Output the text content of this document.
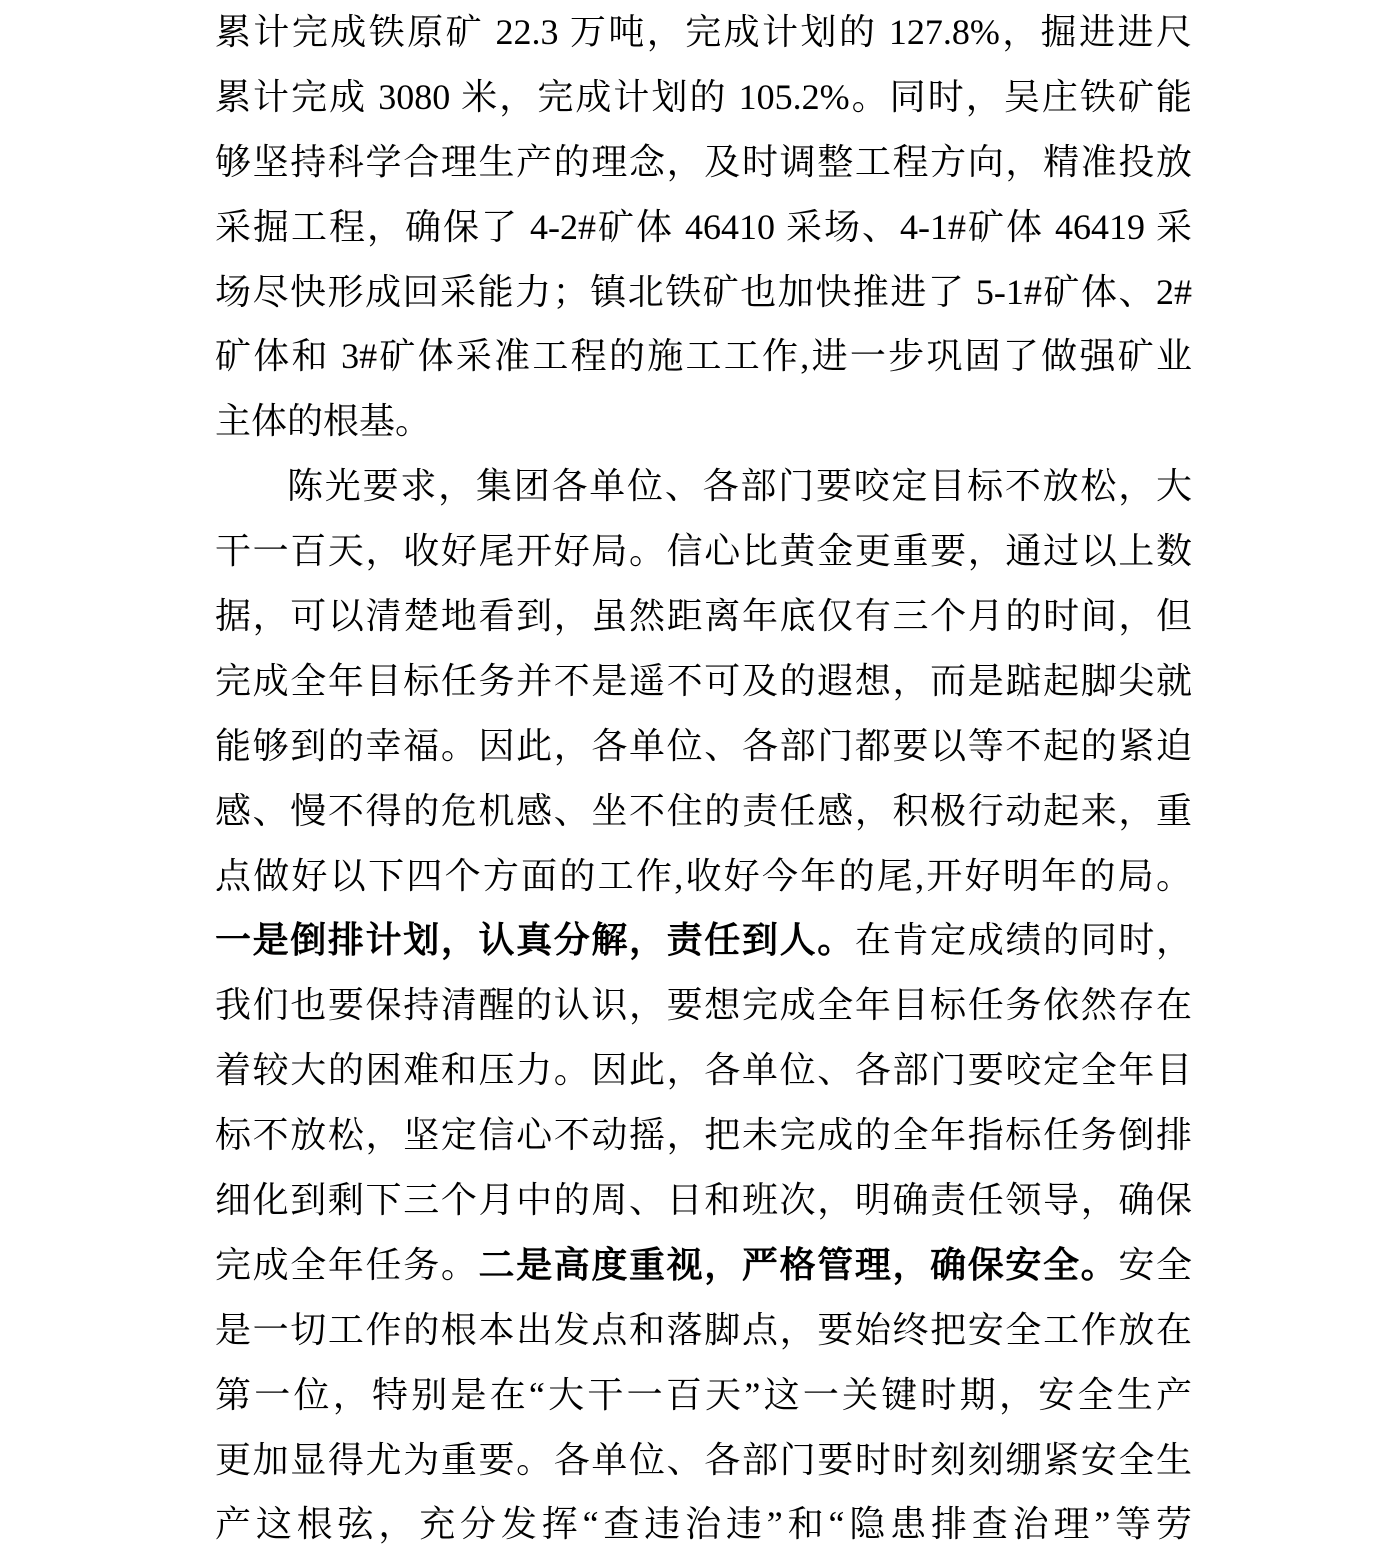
累计完成铁原矿 22.3 万吨，完成计划的 127.8%，掘进进尺
累计完成 3080 米，完成计划的 105.2%。同时，吴庄铁矿能
够坚持科学合理生产的理念，及时调整工程方向，精准投放
采掘工程，确保了 4-2#矿体 46410 采场、4-1#矿体 46419 采
场尽快形成回采能力；镇北铁矿也加快推进了 5-1#矿体、2#
矿体和 3#矿体采准工程的施工工作,进一步巩固了做强矿业
主体的根基。
陈光要求，集团各单位、各部门要咬定目标不放松，大
干一百天，收好尾开好局。信心比黄金更重要，通过以上数
据，可以清楚地看到，虽然距离年底仅有三个月的时间，但
完成全年目标任务并不是遥不可及的遐想，而是踮起脚尖就
能够到的幸福。因此，各单位、各部门都要以等不起的紧迫
感、慢不得的危机感、坐不住的责任感，积极行动起来，重
点做好以下四个方面的工作,收好今年的尾,开好明年的局。
一是倒排计划，认真分解，责任到人。在肯定成绩的同时，
我们也要保持清醒的认识，要想完成全年目标任务依然存在
着较大的困难和压力。因此，各单位、各部门要咬定全年目
标不放松，坚定信心不动摇，把未完成的全年指标任务倒排
细化到剩下三个月中的周、日和班次，明确责任领导，确保
完成全年任务。二是高度重视，严格管理，确保安全。安全
是一切工作的根本出发点和落脚点，要始终把安全工作放在
第一位，特别是在“大干一百天”这一关键时期，安全生产
更加显得尤为重要。各单位、各部门要时时刻刻绷紧安全生
产这根弦，充分发挥“查违治违”和“隐患排查治理”等劳
